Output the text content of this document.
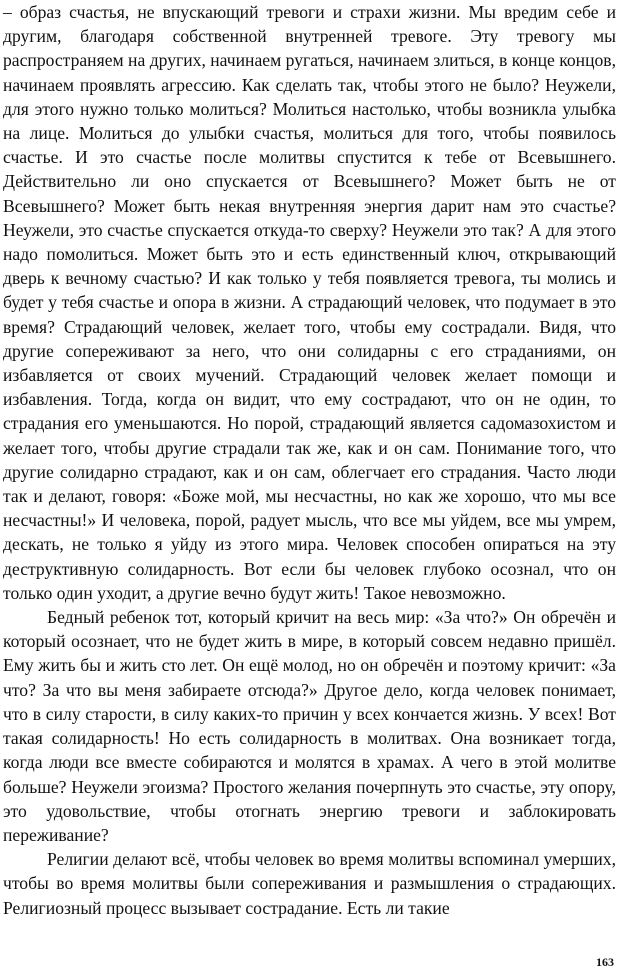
– образ счастья, не впускающий тревоги и страхи жизни. Мы вредим себе и другим, благодаря собственной внутренней тревоге. Эту тревогу мы распространяем на других, начинаем ругаться, начинаем злиться, в конце концов, начинаем проявлять агрессию. Как сделать так, чтобы этого не было? Неужели, для этого нужно только молиться? Молиться настолько, чтобы возникла улыбка на лице. Молиться до улыбки счастья, молиться для того, чтобы появилось счастье. И это счастье после молитвы спустится к тебе от Всевышнего. Действительно ли оно спускается от Всевышнего? Может быть не от Всевышнего? Может быть некая внутренняя энергия дарит нам это счастье? Неужели, это счастье спускается откуда-то сверху? Неужели это так? А для этого надо помолиться. Может быть это и есть единственный ключ, открывающий дверь к вечному счастью? И как только у тебя появляется тревога, ты молись и будет у тебя счастье и опора в жизни. А страдающий человек, что подумает в это время? Страдающий человек, желает того, чтобы ему сострадали. Видя, что другие сопереживают за него, что они солидарны с его страданиями, он избавляется от своих мучений. Страдающий человек желает помощи и избавления. Тогда, когда он видит, что ему сострадают, что он не один, то страдания его уменьшаются. Но порой, страдающий является садомазохистом и желает того, чтобы другие страдали так же, как и он сам. Понимание того, что другие солидарно страдают, как и он сам, облегчает его страдания. Часто люди так и делают, говоря: «Боже мой, мы несчастны, но как же хорошо, что мы все несчастны!» И человека, порой, радует мысль, что все мы уйдем, все мы умрем, дескать, не только я уйду из этого мира. Человек способен опираться на эту деструктивную солидарность. Вот если бы человек глубоко осознал, что он только один уходит, а другие вечно будут жить! Такое невозможно.

Бедный ребенок тот, который кричит на весь мир: «За что?» Он обречён и который осознает, что не будет жить в мире, в который совсем недавно пришёл. Ему жить бы и жить сто лет. Он ещё молод, но он обречён и поэтому кричит: «За что? За что вы меня забираете отсюда?» Другое дело, когда человек понимает, что в силу старости, в силу каких-то причин у всех кончается жизнь. У всех! Вот такая солидарность! Но есть солидарность в молитвах. Она возникает тогда, когда люди все вместе собираются и молятся в храмах. А чего в этой молитве больше? Неужели эгоизма? Простого желания почерпнуть это счастье, эту опору, это удовольствие, чтобы отогнать энергию тревоги и заблокировать переживание?

Религии делают всё, чтобы человек во время молитвы вспоминал умерших, чтобы во время молитвы были сопереживания и размышления о страдающих. Религиозный процесс вызывает сострадание. Есть ли такие

163
